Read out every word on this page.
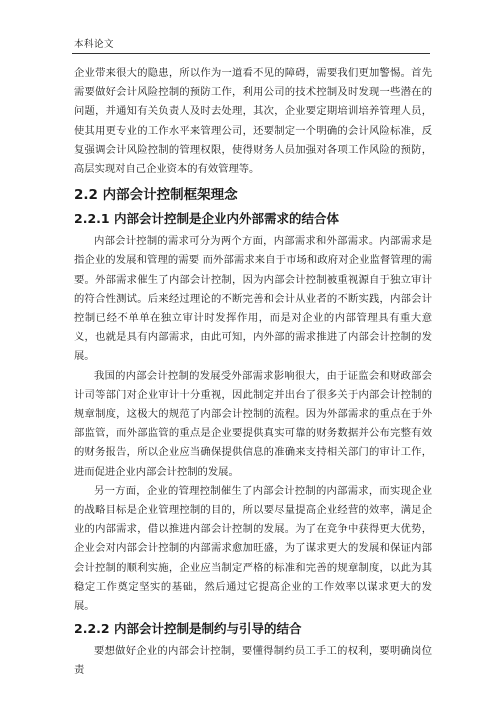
本科论文

企业带来很大的隐患，所以作为一道看不见的障碍，需要我们更加警惕。首先需要做好会计风险控制的预防工作，利用公司的技术控制及时发现一些潜在的问题，并通知有关负责人及时去处理，其次，企业要定期培训培养管理人员，使其用更专业的工作水平来管理公司，还要制定一个明确的会计风险标准，反复强调会计风险控制的管理权限，使得财务人员加强对各项工作风险的预防，高层实现对自己企业资本的有效管理等。

2.2 内部会计控制框架理念
2.2.1 内部会计控制是企业内外部需求的结合体

内部会计控制的需求可分为两个方面，内部需求和外部需求。内部需求是指企业的发展和管理的需要 而外部需求来自于市场和政府对企业监督管理的需要。外部需求催生了内部会计控制，因为内部会计控制被重视源自于独立审计的符合性测试。后来经过理论的不断完善和会计从业者的不断实践，内部会计控制已经不单单在独立审计时发挥作用，而是对企业的内部管理具有重大意义，也就是具有内部需求，由此可知，内外部的需求推进了内部会计控制的发展。

我国的内部会计控制的发展受外部需求影响很大，由于证监会和财政部会计司等部门对企业审计十分重视，因此制定并出台了很多关于内部会计控制的规章制度，这极大的规范了内部会计控制的流程。因为外部需求的重点在于外部监管，而外部监管的重点是企业要提供真实可靠的财务数据并公布完整有效的财务报告，所以企业应当确保提供信息的准确来支持相关部门的审计工作，进而促进企业内部会计控制的发展。

另一方面，企业的管理控制催生了内部会计控制的内部需求，而实现企业的战略目标是企业管理控制的目的，所以要尽量提高企业经营的效率，满足企业的内部需求，借以推进内部会计控制的发展。为了在竞争中获得更大优势，企业会对内部会计控制的内部需求愈加旺盛，为了谋求更大的发展和保证内部会计控制的顺利实施，企业应当制定严格的标准和完善的规章制度，以此为其稳定工作奠定坚实的基础，然后通过它提高企业的工作效率以谋求更大的发展。

2.2.2 内部会计控制是制约与引导的结合

要想做好企业的内部会计控制，要懂得制约员工手工的权利，要明确岗位责
